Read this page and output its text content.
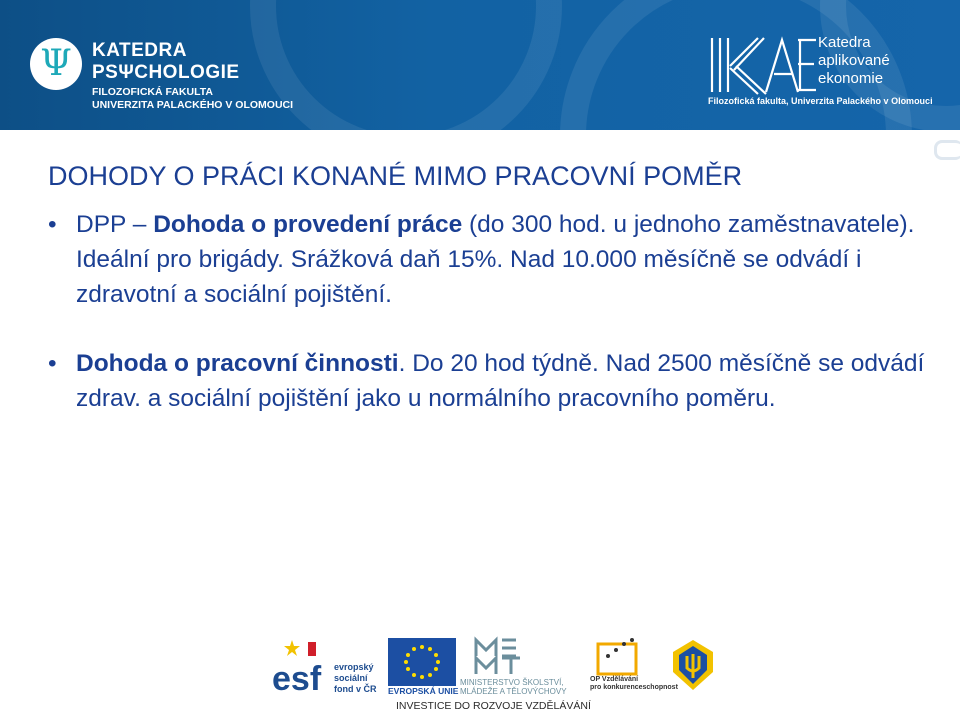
Ψ	KATEDRA
PSΨCHOLOGIE
FILOZOFICKÁ FAKULTA
UNIVERZITA PALACKÉHO V OLOMOUCI
Katedra
aplikované
ekonomie
Filozofická fakulta, Univerzita Palackého v Olomouci
DOHODY O PRÁCI KONANÉ MIMO PRACOVNÍ POMĚR
• DPP – Dohoda o provedení práce (do 300 hod. u jednoho zaměstnavatele). Ideální pro brigády. Srážková daň 15%. Nad 10.000 měsíčně se odvádí i zdravotní a sociální pojištění.
• Dohoda o pracovní činnosti. Do 20 hod týdně. Nad 2500 měsíčně se odvádí zdrav. a sociální pojištění jako u normálního pracovního poměru.
esf evropský
sociální
fond v ČR EVROPSKÁ UNIE
MINISTERSTVO ŠKOLSTVÍ,
MLÁDEŽE A TĚLOVÝCHOVY
OP Vzdělávání
pro konkurenceschopnost
INVESTICE DO ROZVOJE VZDĚLÁVÁNÍ
